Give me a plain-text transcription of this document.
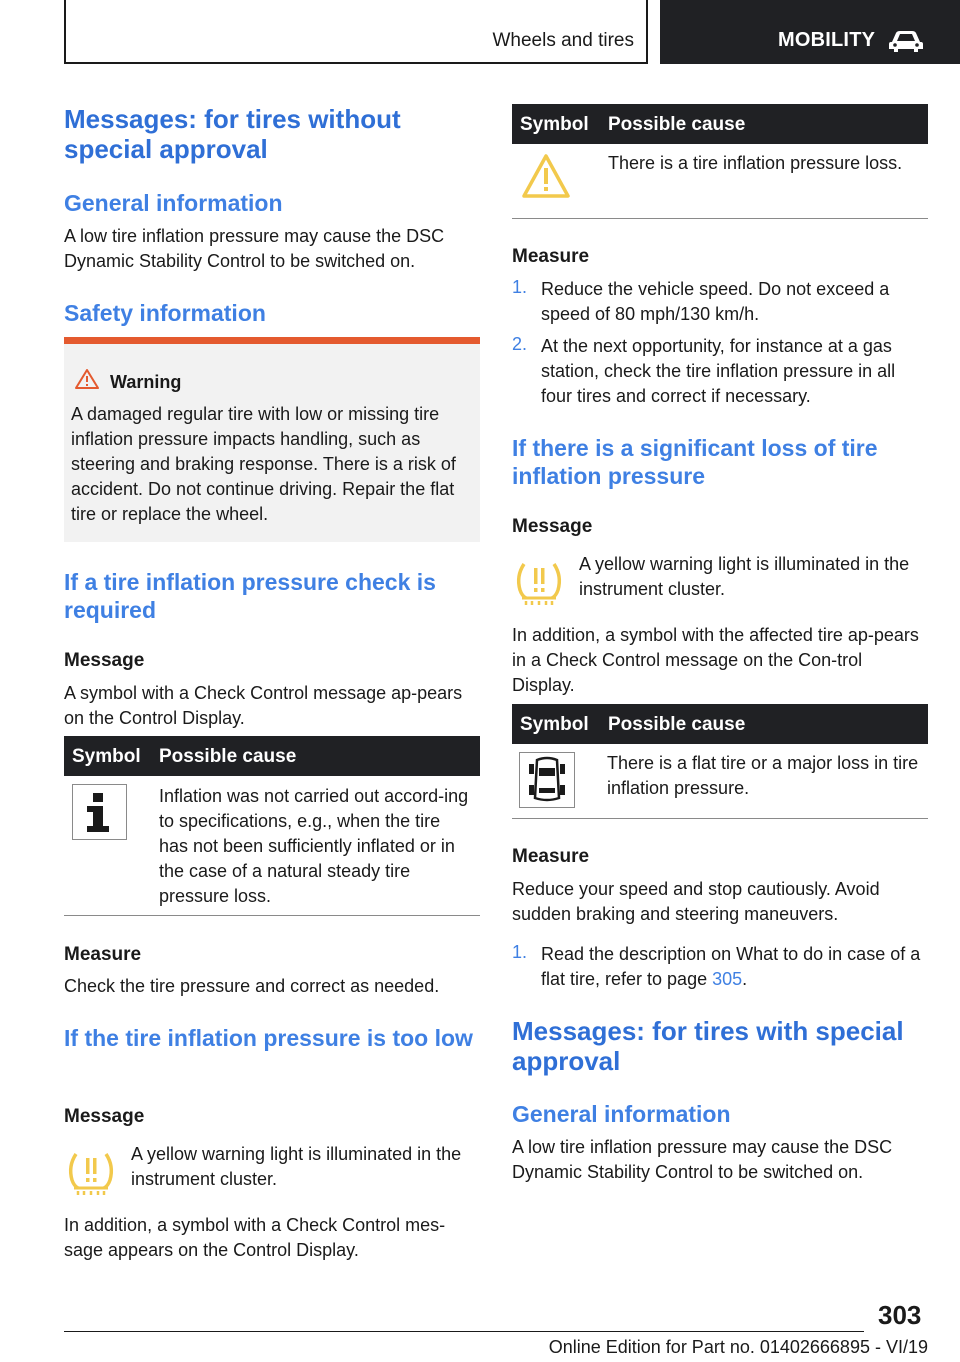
Wheels and tires	MOBILITY
Messages: for tires without special approval
General information
A low tire inflation pressure may cause the DSC Dynamic Stability Control to be switched on.
Safety information
Warning
A damaged regular tire with low or missing tire inflation pressure impacts handling, such as steering and braking response. There is a risk of accident. Do not continue driving. Repair the flat tire or replace the wheel.
If a tire inflation pressure check is required
Message
A symbol with a Check Control message ap-pears on the Control Display.
Symbol Possible cause
Inflation was not carried out accord-ing to specifications, e.g., when the tire has not been sufficiently inflated or in the case of a natural steady tire pressure loss.
Measure
Check the tire pressure and correct as needed.
If the tire inflation pressure is too low
Message
A yellow warning light is illuminated in the instrument cluster.
In addition, a symbol with a Check Control mes-sage appears on the Control Display.
Symbol Possible cause
There is a tire inflation pressure loss.
Measure
1. Reduce the vehicle speed. Do not exceed a speed of 80 mph/130 km/h.
2. At the next opportunity, for instance at a gas station, check the tire inflation pressure in all four tires and correct if necessary.
If there is a significant loss of tire inflation pressure
Message
A yellow warning light is illuminated in the instrument cluster.
In addition, a symbol with the affected tire ap-pears in a Check Control message on the Con-trol Display.
Symbol Possible cause
There is a flat tire or a major loss in tire inflation pressure.
Measure
Reduce your speed and stop cautiously. Avoid sudden braking and steering maneuvers.
1. Read the description on What to do in case of a flat tire, refer to page 305.
Messages: for tires with special approval
General information
A low tire inflation pressure may cause the DSC Dynamic Stability Control to be switched on.
303
Online Edition for Part no. 01402666895 - VI/19
